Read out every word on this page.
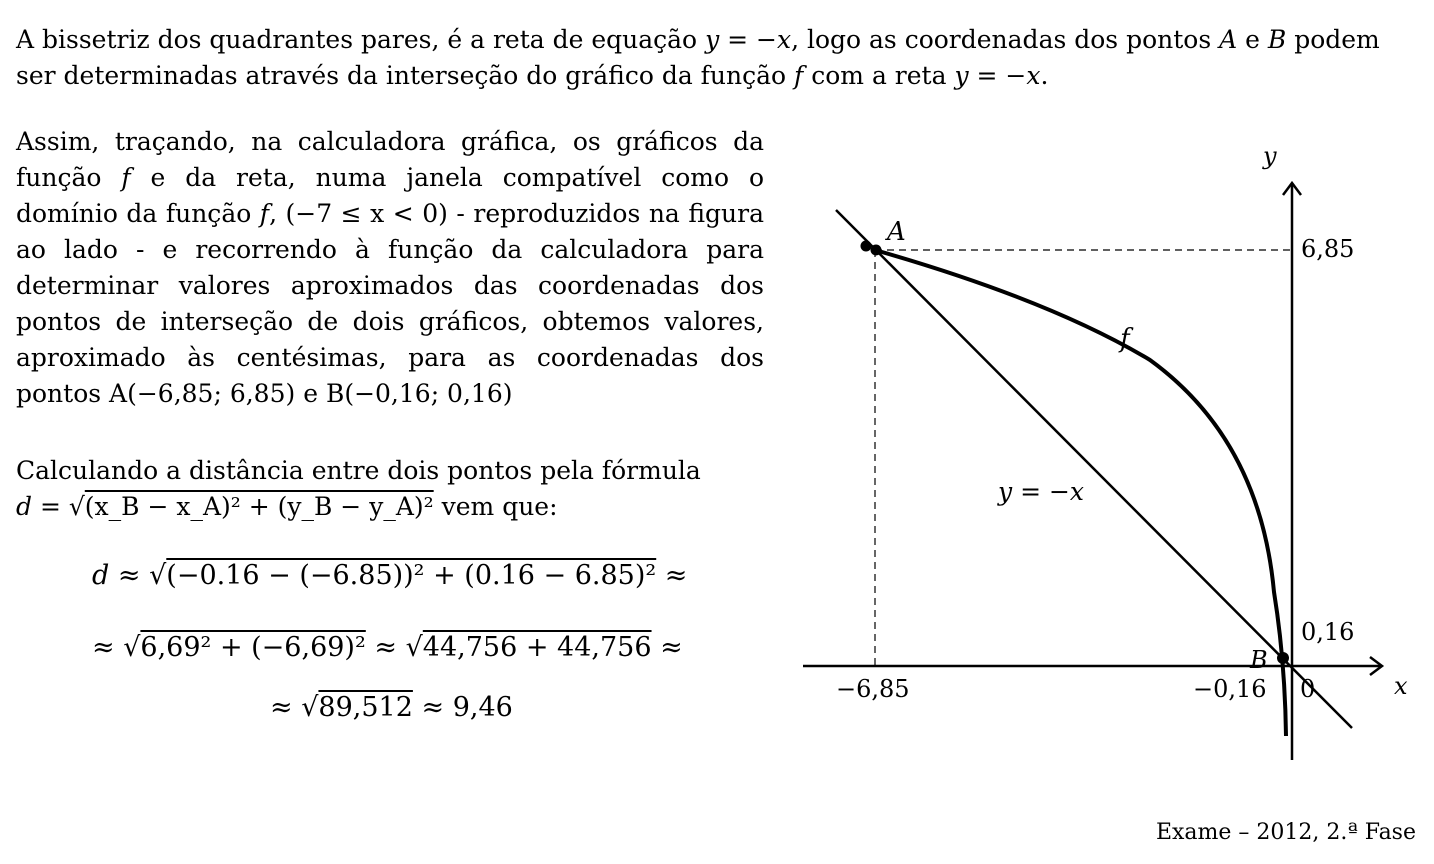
A bissetriz dos quadrantes pares, é a reta de equação y = −x, logo as coordenadas dos pontos A e B podem ser determinadas através da interseção do gráfico da função f com a reta y = −x.

Assim, traçando, na calculadora gráfica, os gráficos da função f e da reta, numa janela compatível como o domínio da função f, (−7 ≤ x < 0) - reproduzidos na figura ao lado - e recorrendo à função da calculadora para determinar valores aproximados das coordenadas dos pontos de interseção de dois gráficos, obtemos valores, aproximado às centésimas, para as coordenadas dos pontos A(−6,85; 6,85) e B(−0,16; 0,16)

Calculando a distância entre dois pontos pela fórmula
d = √(x_B − x_A)² + (y_B − y_A)² vem que:

d ≈ √(−0.16 − (−6.85))² + (0.16 − 6.85)² ≈
≈ √6,69² + (−6,69)² ≈ √44,756 + 44,756 ≈
≈ √89,512 ≈ 9,46
y
x
A
B
f
y = −x
6,85
0,16
−6,85	−0,16 0
Exame – 2012, 2.ª Fase
